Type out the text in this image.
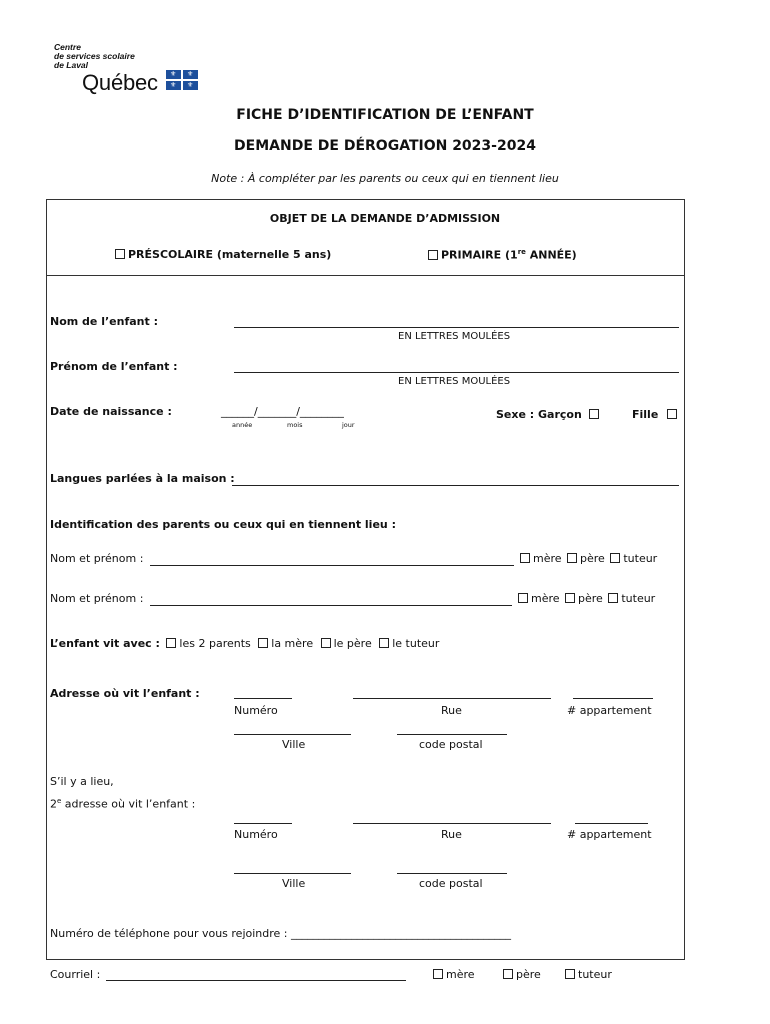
Centre
de services scolaire
de Laval
Québec ⚜ ⚜
⚜ ⚜
FICHE D’IDENTIFICATION DE L’ENFANT
DEMANDE DE DÉROGATION 2023-2024
Note : À compléter par les parents ou ceux qui en tiennent lieu
OBJET DE LA DEMANDE D’ADMISSION
PRÉSCOLAIRE (maternelle 5 ans)	PRIMAIRE (1re ANNÉE)
Nom de l’enfant :
EN LETTRES MOULÉES
Prénom de l’enfant :
EN LETTRES MOULÉES
Date de naissance :	______/_______/________
année	mois	jour
Sexe : Garçon	Fille
Langues parlées à la maison :
Identification des parents ou ceux qui en tiennent lieu :
Nom et prénom :	mère père tuteur
Nom et prénom :	mère père tuteur
L’enfant vit avec : les 2 parents la mère le père le tuteur
Adresse où vit l’enfant :
Numéro	Rue	# appartement
Ville	code postal
S’il y a lieu,
2e adresse où vit l’enfant :
Numéro	Rue	# appartement
Ville	code postal
Numéro de téléphone pour vous rejoindre : ________________________________________
Courriel :	mère	père	tuteur
